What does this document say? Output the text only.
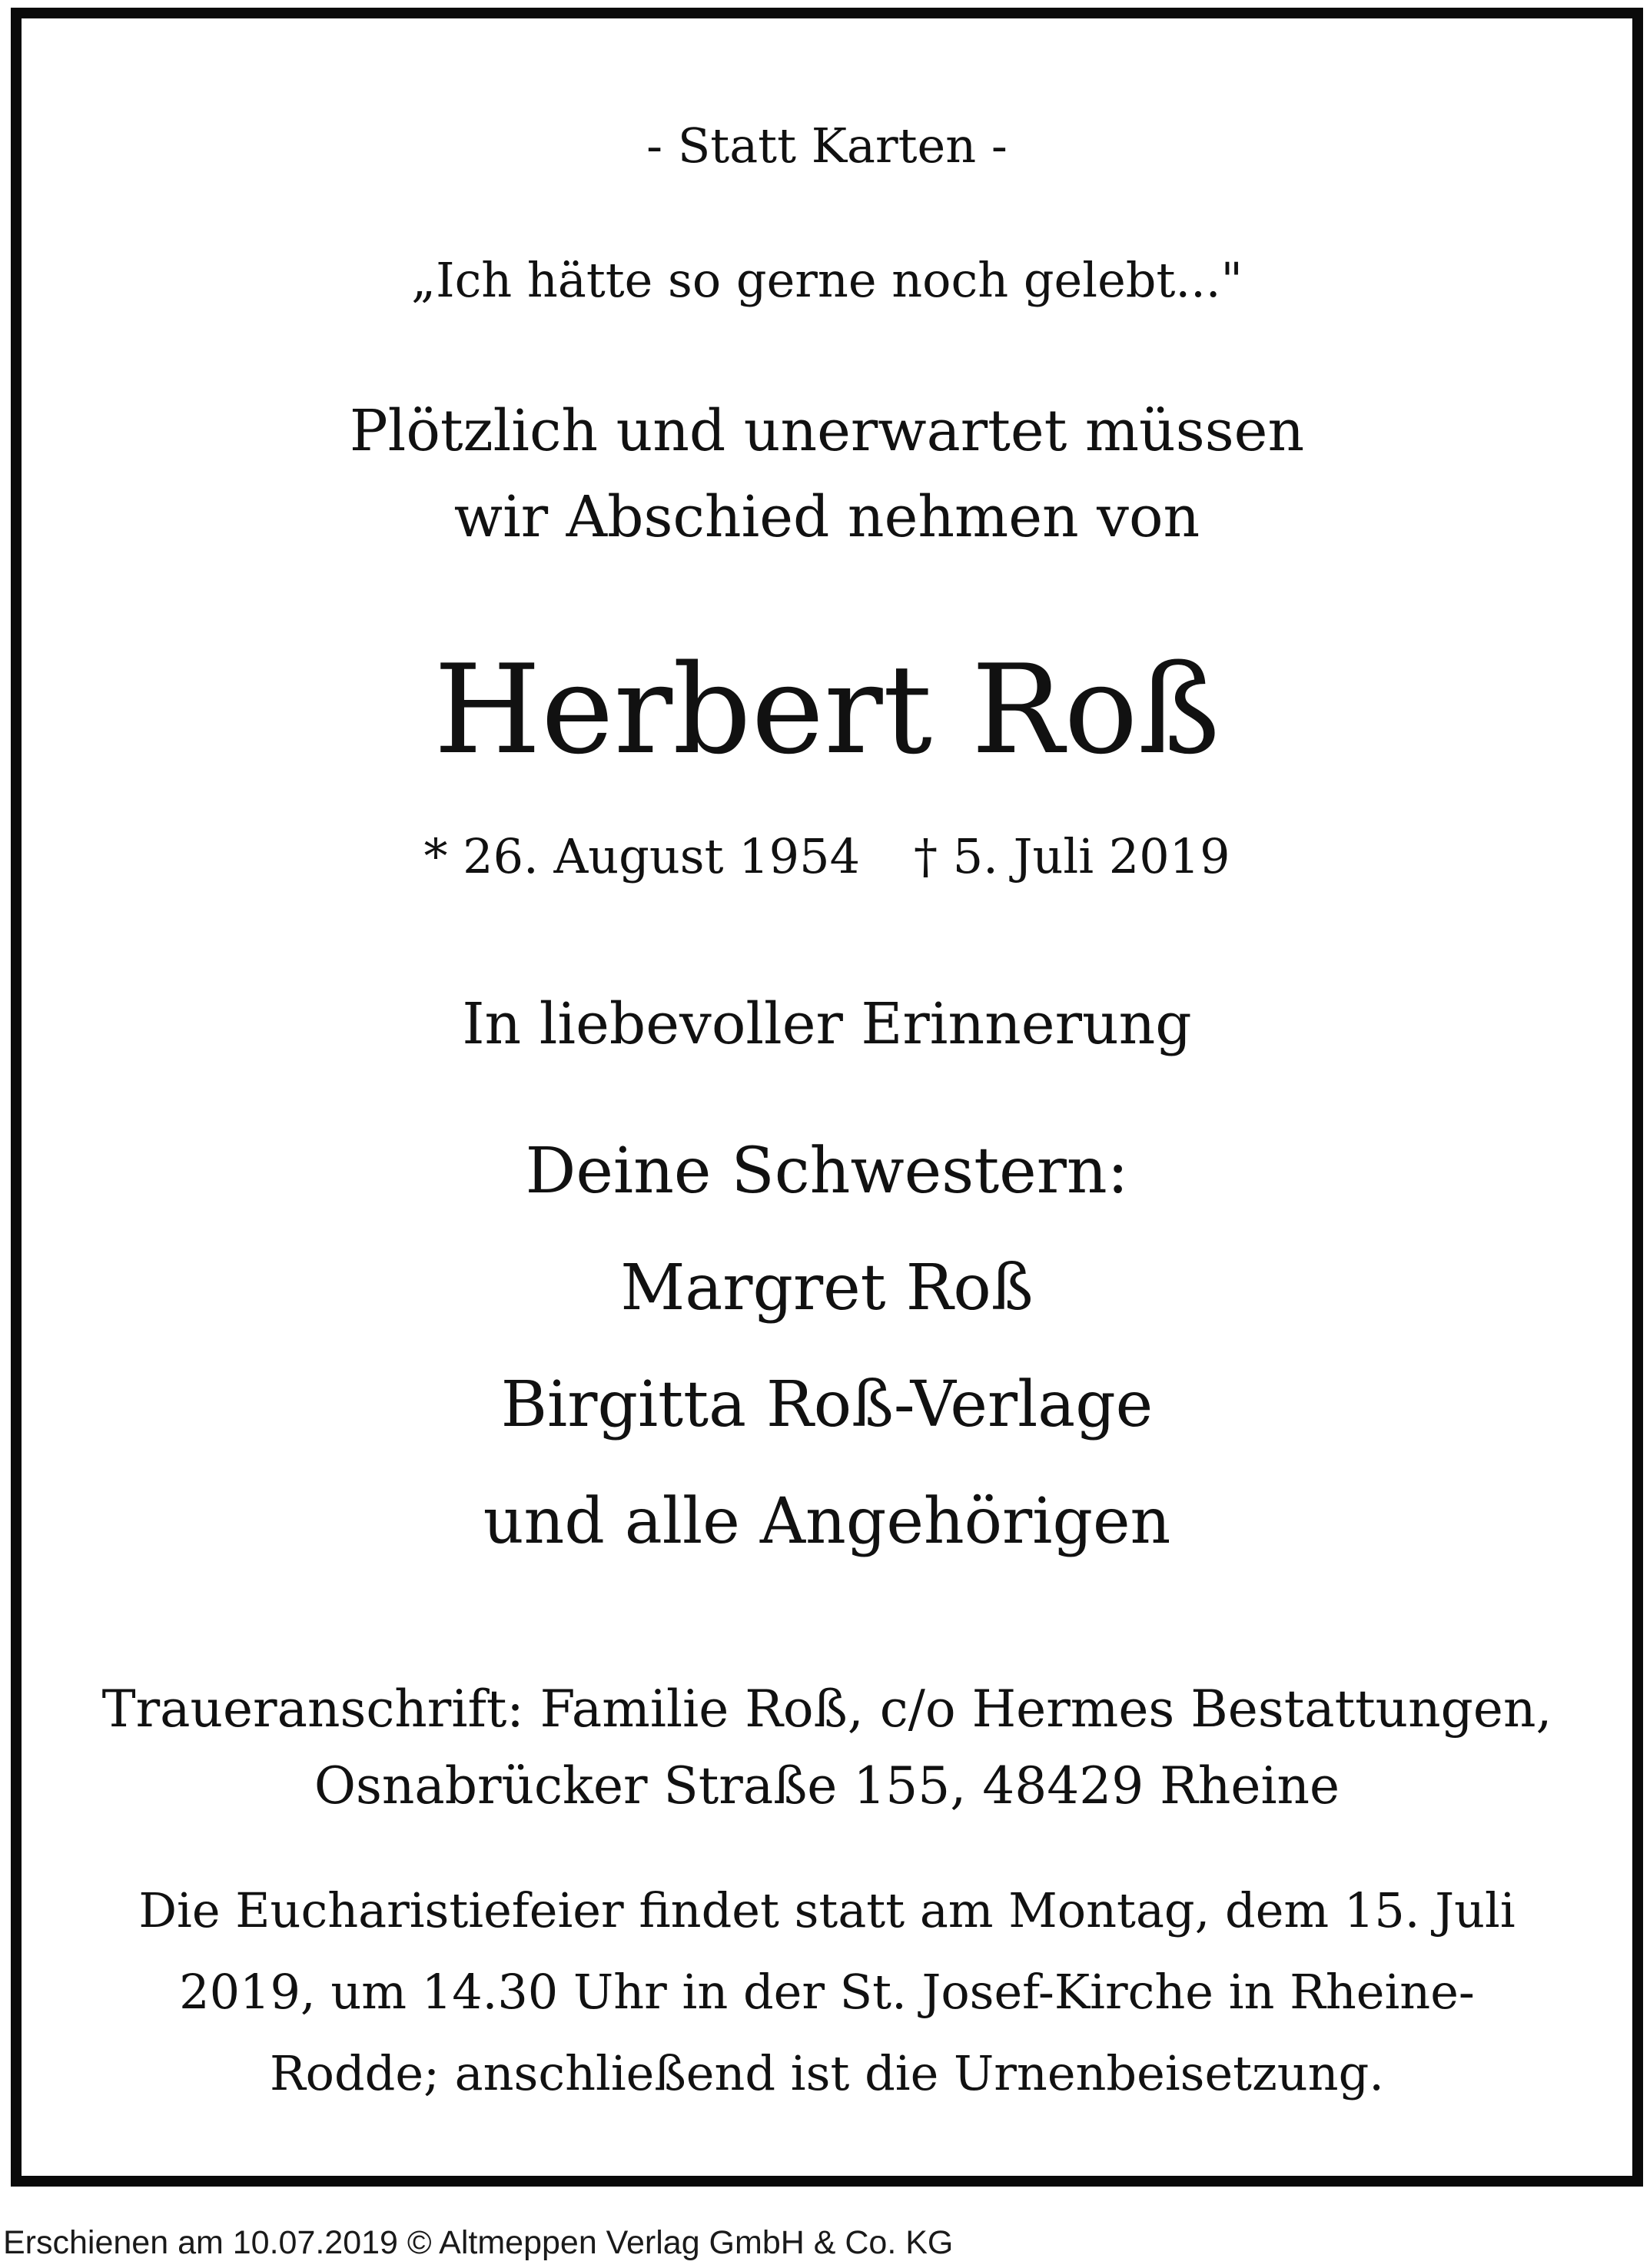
- Statt Karten -
„Ich hätte so gerne noch gelebt..."
Plötzlich und unerwartet müssen
wir Abschied nehmen von
Herbert Roß
* 26. August 1954 † 5. Juli 2019
In liebevoller Erinnerung
Deine Schwestern:
Margret Roß
Birgitta Roß-Verlage
und alle Angehörigen
Traueranschrift: Familie Roß, c/o Hermes Bestattungen,
Osnabrücker Straße 155, 48429 Rheine
Die Eucharistiefeier findet statt am Montag, dem 15. Juli
2019, um 14.30 Uhr in der St. Josef-Kirche in Rheine-
Rodde; anschließend ist die Urnenbeisetzung.
Erschienen am 10.07.2019 © Altmeppen Verlag GmbH & Co. KG
